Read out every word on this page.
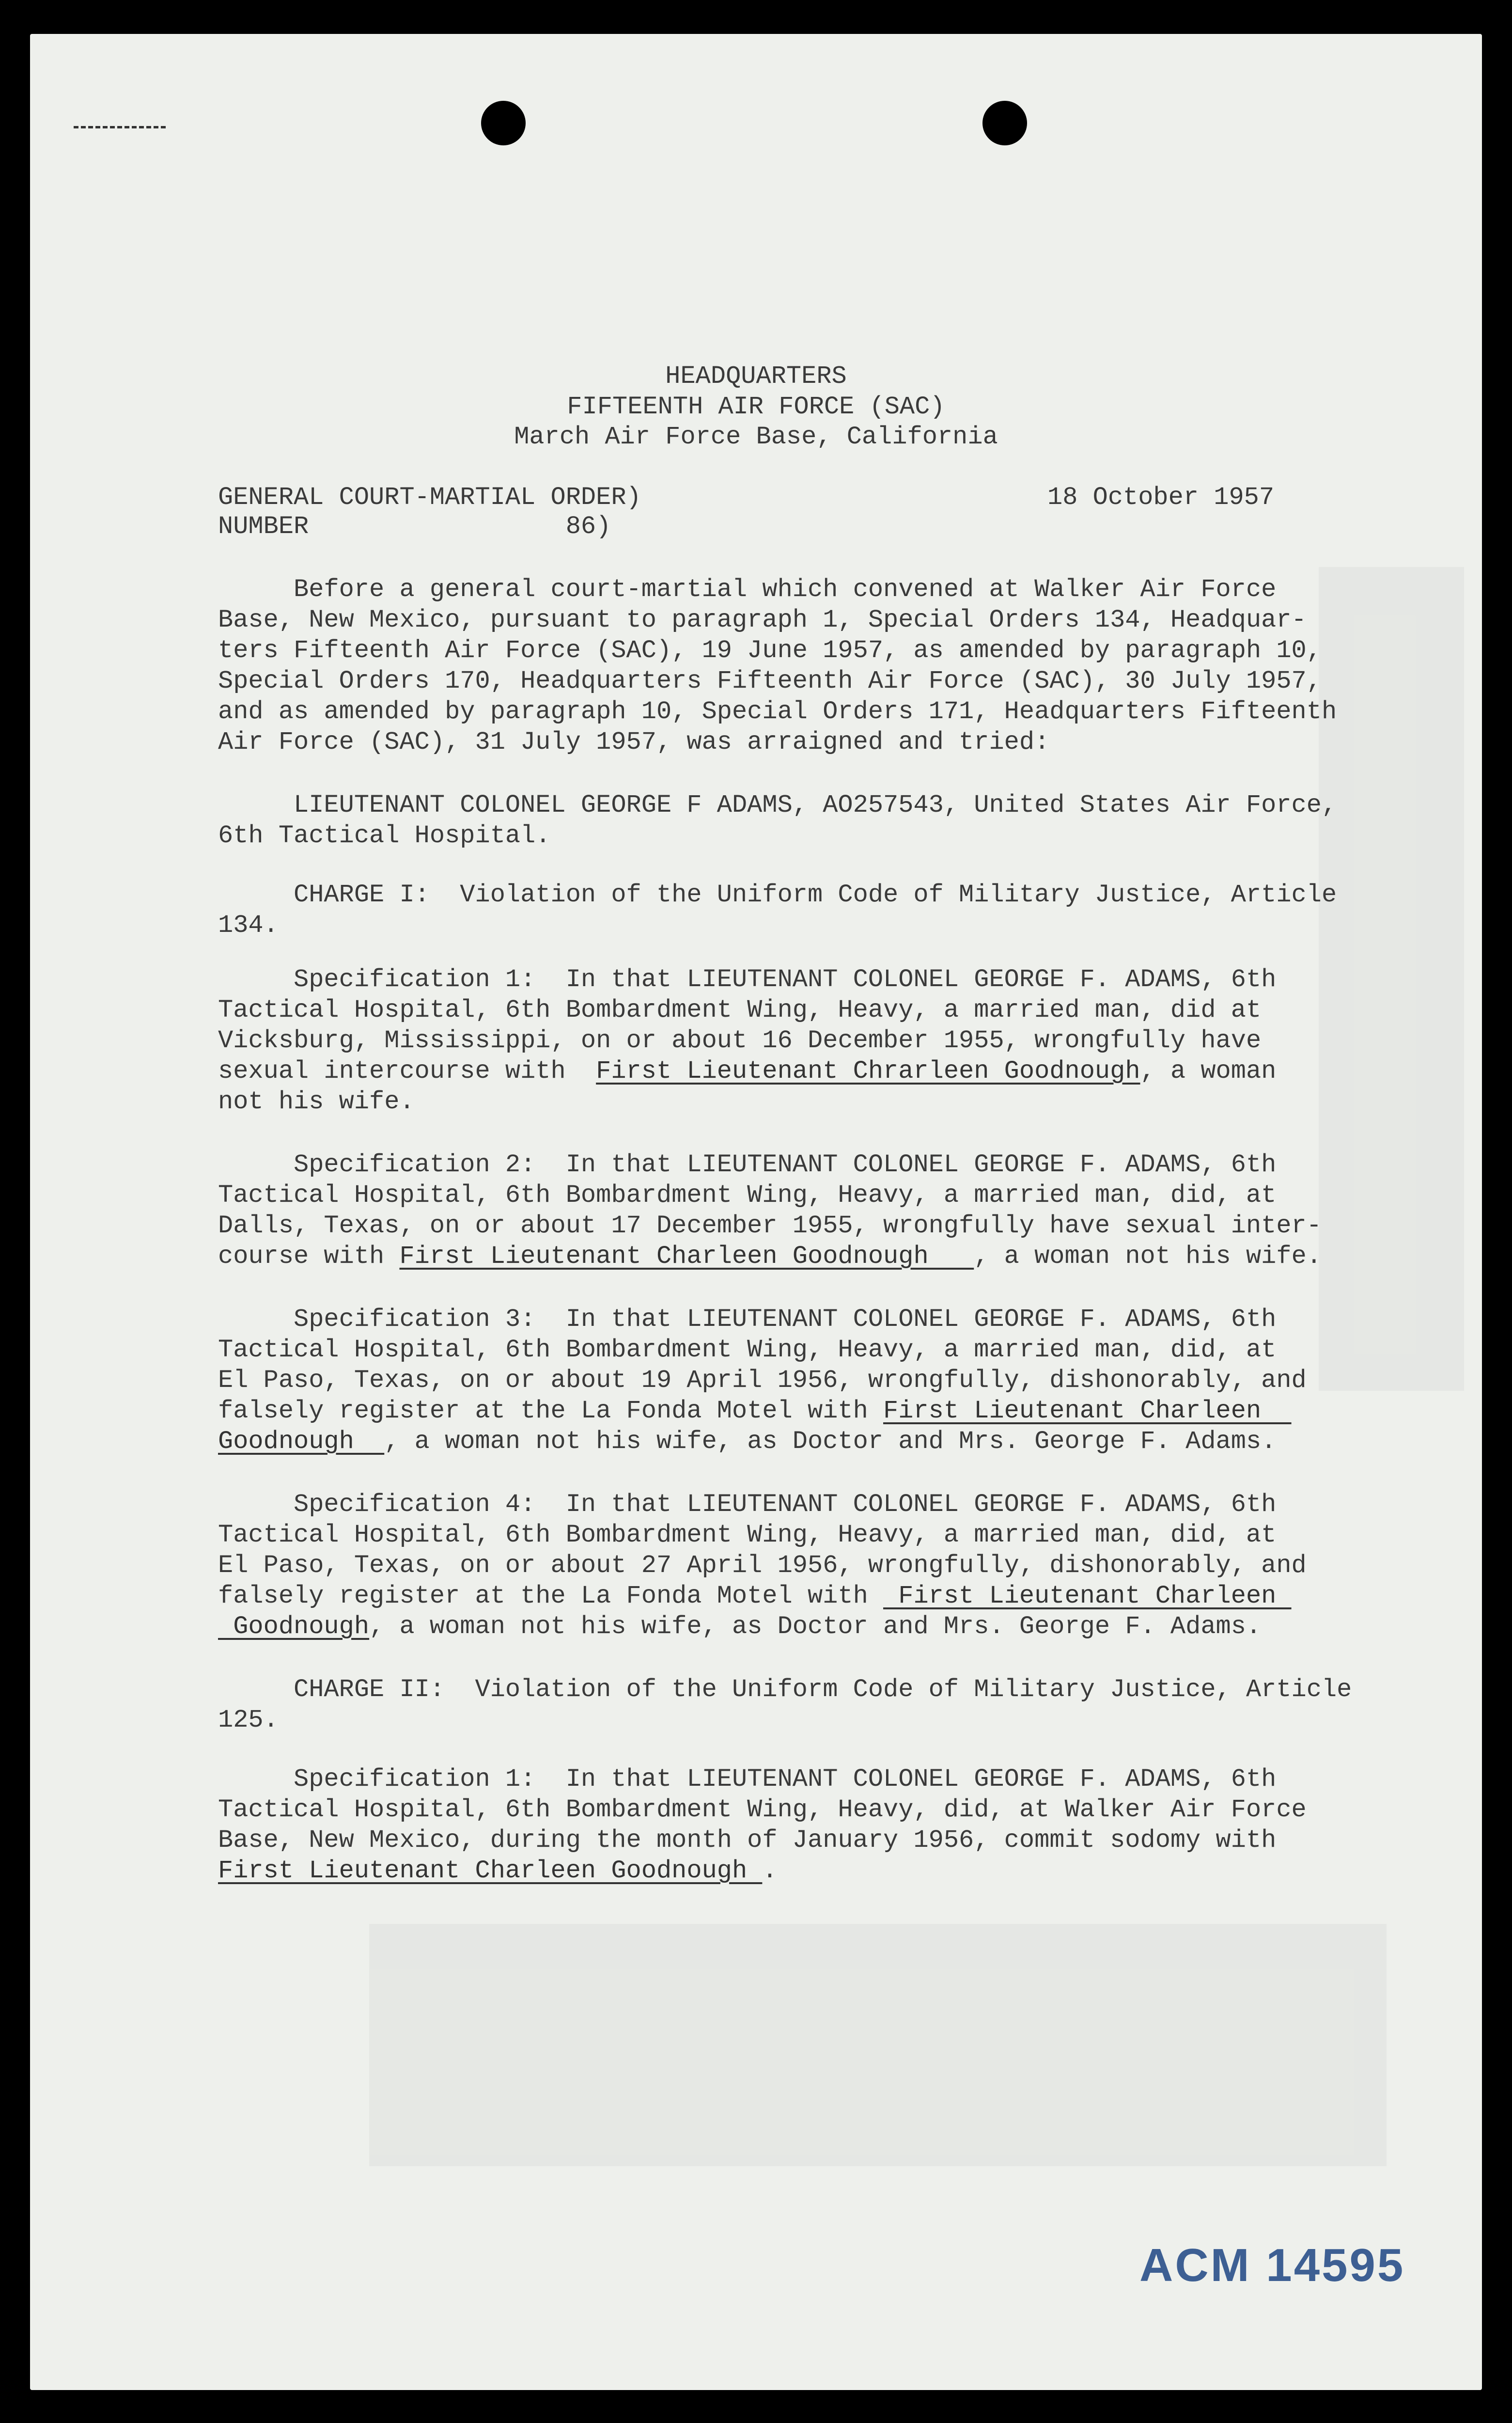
HEADQUARTERS
FIFTEENTH AIR FORCE (SAC)
March Air Force Base, California
GENERAL COURT-MARTIAL ORDER)
NUMBER                 86)
18 October 1957
Before a general court-martial which convened at Walker Air Force
Base, New Mexico, pursuant to paragraph 1, Special Orders 134, Headquar-
ters Fifteenth Air Force (SAC), 19 June 1957, as amended by paragraph 10,
Special Orders 170, Headquarters Fifteenth Air Force (SAC), 30 July 1957,
and as amended by paragraph 10, Special Orders 171, Headquarters Fifteenth
Air Force (SAC), 31 July 1957, was arraigned and tried:
LIEUTENANT COLONEL GEORGE F ADAMS, AO257543, United States Air Force,
6th Tactical Hospital.
CHARGE I:  Violation of the Uniform Code of Military Justice, Article
134.
Specification 1:  In that LIEUTENANT COLONEL GEORGE F. ADAMS, 6th
Tactical Hospital, 6th Bombardment Wing, Heavy, a married man, did at
Vicksburg, Mississippi, on or about 16 December 1955, wrongfully have
sexual intercourse with  First Lieutenant Chrarleen Goodnough, a woman
not his wife.
Specification 2:  In that LIEUTENANT COLONEL GEORGE F. ADAMS, 6th
Tactical Hospital, 6th Bombardment Wing, Heavy, a married man, did, at
Dalls, Texas, on or about 17 December 1955, wrongfully have sexual inter-
course with First Lieutenant Charleen Goodnough   , a woman not his wife.
Specification 3:  In that LIEUTENANT COLONEL GEORGE F. ADAMS, 6th
Tactical Hospital, 6th Bombardment Wing, Heavy, a married man, did, at
El Paso, Texas, on or about 19 April 1956, wrongfully, dishonorably, and
falsely register at the La Fonda Motel with First Lieutenant Charleen
Goodnough  , a woman not his wife, as Doctor and Mrs. George F. Adams.
Specification 4:  In that LIEUTENANT COLONEL GEORGE F. ADAMS, 6th
Tactical Hospital, 6th Bombardment Wing, Heavy, a married man, did, at
El Paso, Texas, on or about 27 April 1956, wrongfully, dishonorably, and
falsely register at the La Fonda Motel with  First Lieutenant Charleen
Goodnough, a woman not his wife, as Doctor and Mrs. George F. Adams.
CHARGE II:  Violation of the Uniform Code of Military Justice, Article
125.
Specification 1:  In that LIEUTENANT COLONEL GEORGE F. ADAMS, 6th
Tactical Hospital, 6th Bombardment Wing, Heavy, did, at Walker Air Force
Base, New Mexico, during the month of January 1956, commit sodomy with
First Lieutenant Charleen Goodnough .
ACM 14595
